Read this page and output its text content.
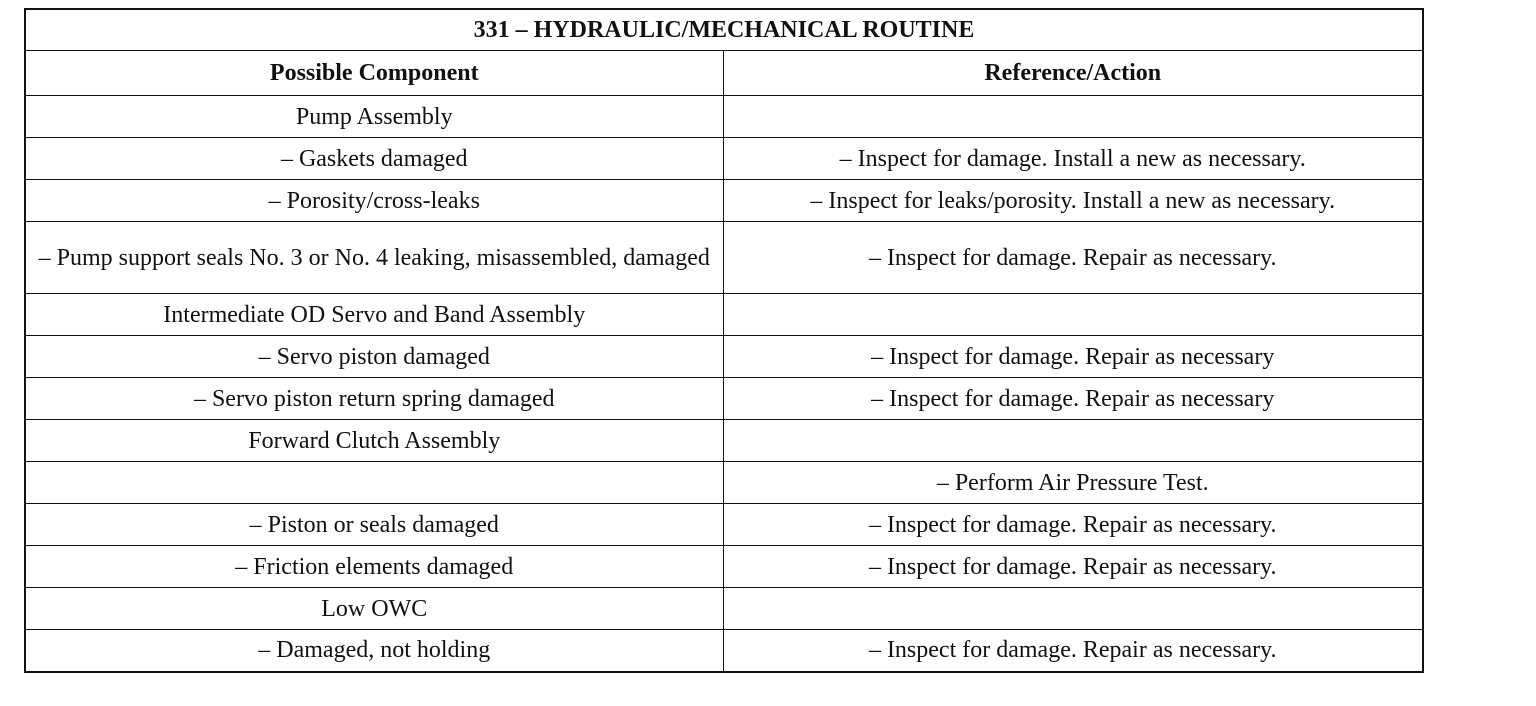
331 – HYDRAULIC/MECHANICAL ROUTINE	
Possible Component	Reference/Action
Pump Assembly	
– Gaskets damaged	– Inspect for damage. Install a new as necessary.
– Porosity/cross-leaks	– Inspect for leaks/porosity. Install a new as necessary.
– Pump support seals No. 3 or No. 4 leaking, misassembled, damaged	– Inspect for damage. Repair as necessary.
Intermediate OD Servo and Band Assembly	
– Servo piston damaged	– Inspect for damage. Repair as necessary
– Servo piston return spring damaged	– Inspect for damage. Repair as necessary
Forward Clutch Assembly	
	– Perform Air Pressure Test.
– Piston or seals damaged	– Inspect for damage. Repair as necessary.
– Friction elements damaged	– Inspect for damage. Repair as necessary.
Low OWC	
– Damaged, not holding	– Inspect for damage. Repair as necessary.
